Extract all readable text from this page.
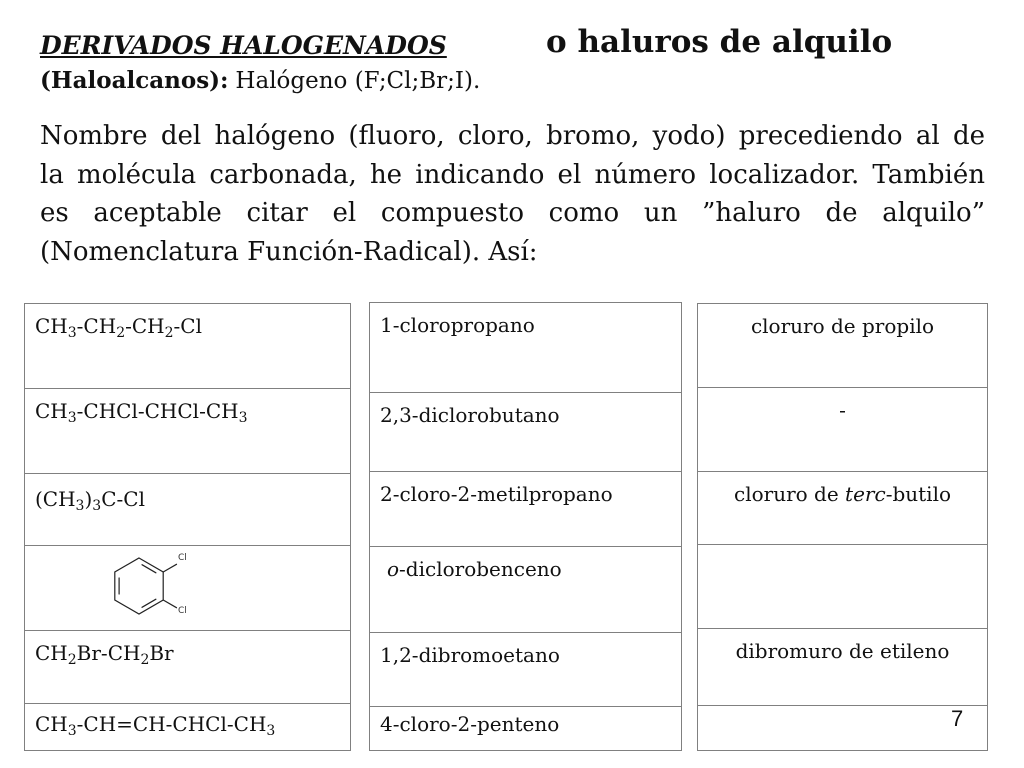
DERIVADOS HALOGENADOS	o haluros de alquilo
(Haloalcanos): Halógeno (F;Cl;Br;I).
Nombre del halógeno (fluoro, cloro, bromo, yodo) precediendo al de
la molécula carbonada, he indicando el número localizador. También
es aceptable citar el compuesto como un ”haluro de alquilo”
(Nomenclatura Función-Radical). Así:
$CH_3-CH_2-CH_2-Cl$
$CH_3-CHCl-CHCl-CH_3$
$(CH_3)_3C-Cl$
Cl
Cl
$CH_2Br-CH_2Br$
$CH_3-CH=CH-CHCl-CH_3$
1-cloropropano
2,3-diclorobutano
2-cloro-2-metilpropano
o-diclorobenceno
1,2-dibromoetano
4-cloro-2-penteno
cloruro de propilo
-
cloruro de terc-butilo
dibromuro de etileno
7
